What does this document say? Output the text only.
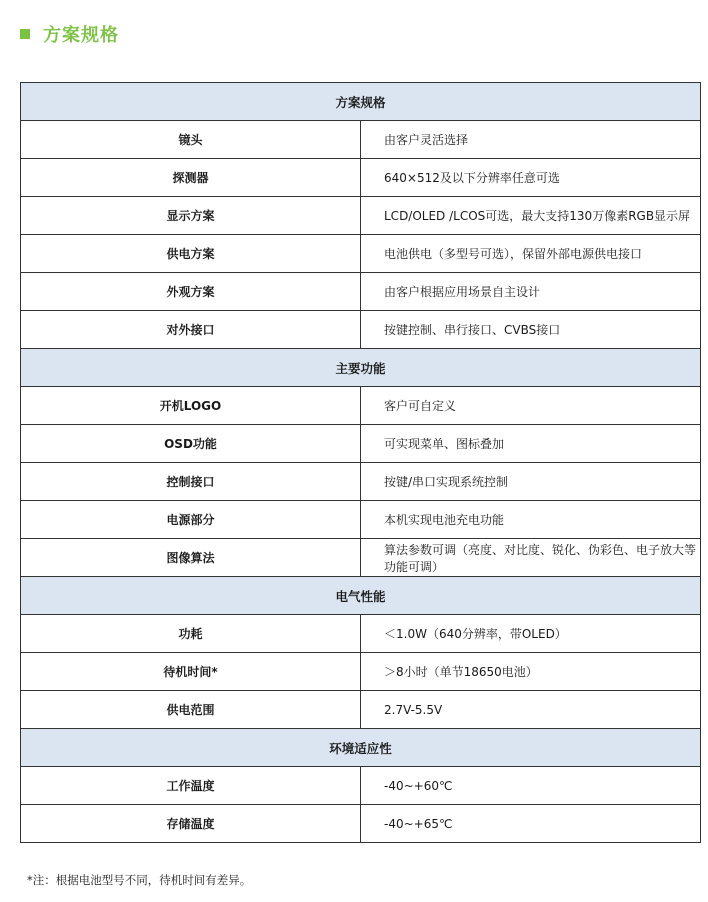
方案规格
方案规格	
镜头	由客户灵活选择
探测器	640×512及以下分辨率任意可选
显示方案	LCD/OLED /LCOS可选，最大支持130万像素RGB显示屏
供电方案	电池供电（多型号可选），保留外部电源供电接口
外观方案	由客户根据应用场景自主设计
对外接口	按键控制、串行接口、CVBS接口
主要功能	
开机LOGO	客户可自定义
OSD功能	可实现菜单、图标叠加
控制接口	按键/串口实现系统控制
电源部分	本机实现电池充电功能
图像算法	算法参数可调（亮度、对比度、锐化、伪彩色、电子放大等功能可调）
电气性能	
功耗	＜1.0W（640分辨率，带OLED）
待机时间*	＞8小时（单节18650电池）
供电范围	2.7V-5.5V
环境适应性	
工作温度	-40~+60℃
存储温度	-40~+65℃
*注：根据电池型号不同，待机时间有差异。
